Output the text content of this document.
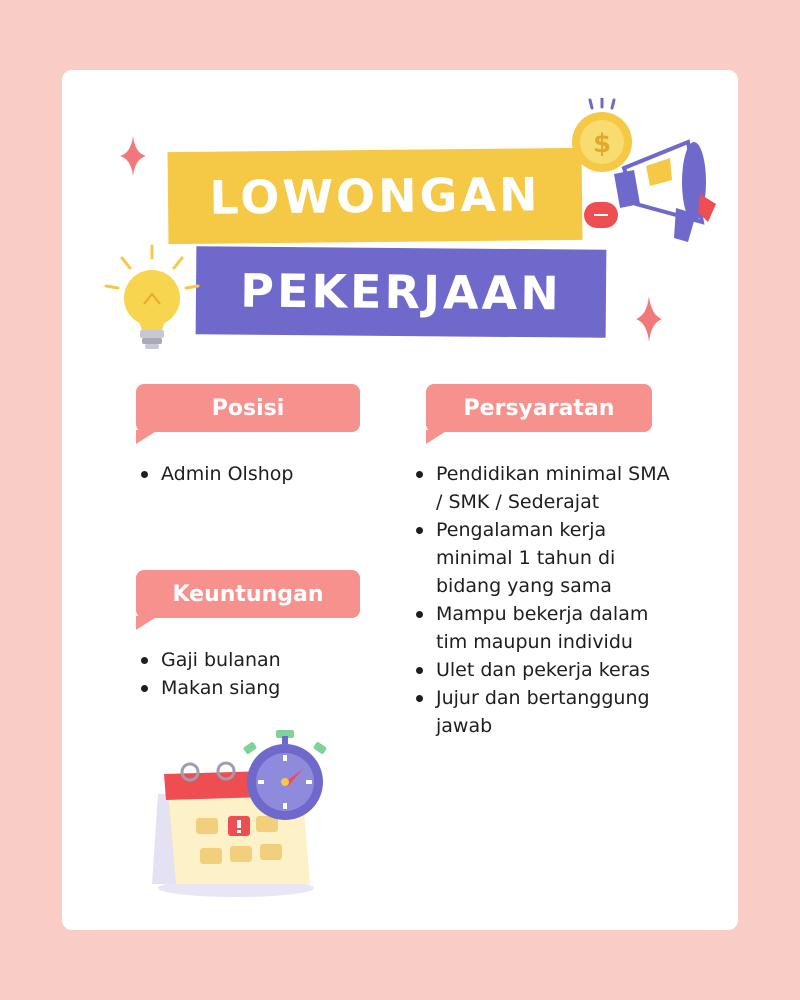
LOWONGAN
PEKERJAAN
$
Posisi
Admin Olshop
Keuntungan
Gaji bulanan
Makan siang
Persyaratan
Pendidikan minimal SMA / SMK / Sederajat
Pengalaman kerja minimal 1 tahun di bidang yang sama
Mampu bekerja dalam tim maupun individu
Ulet dan pekerja keras
Jujur dan bertanggung jawab
